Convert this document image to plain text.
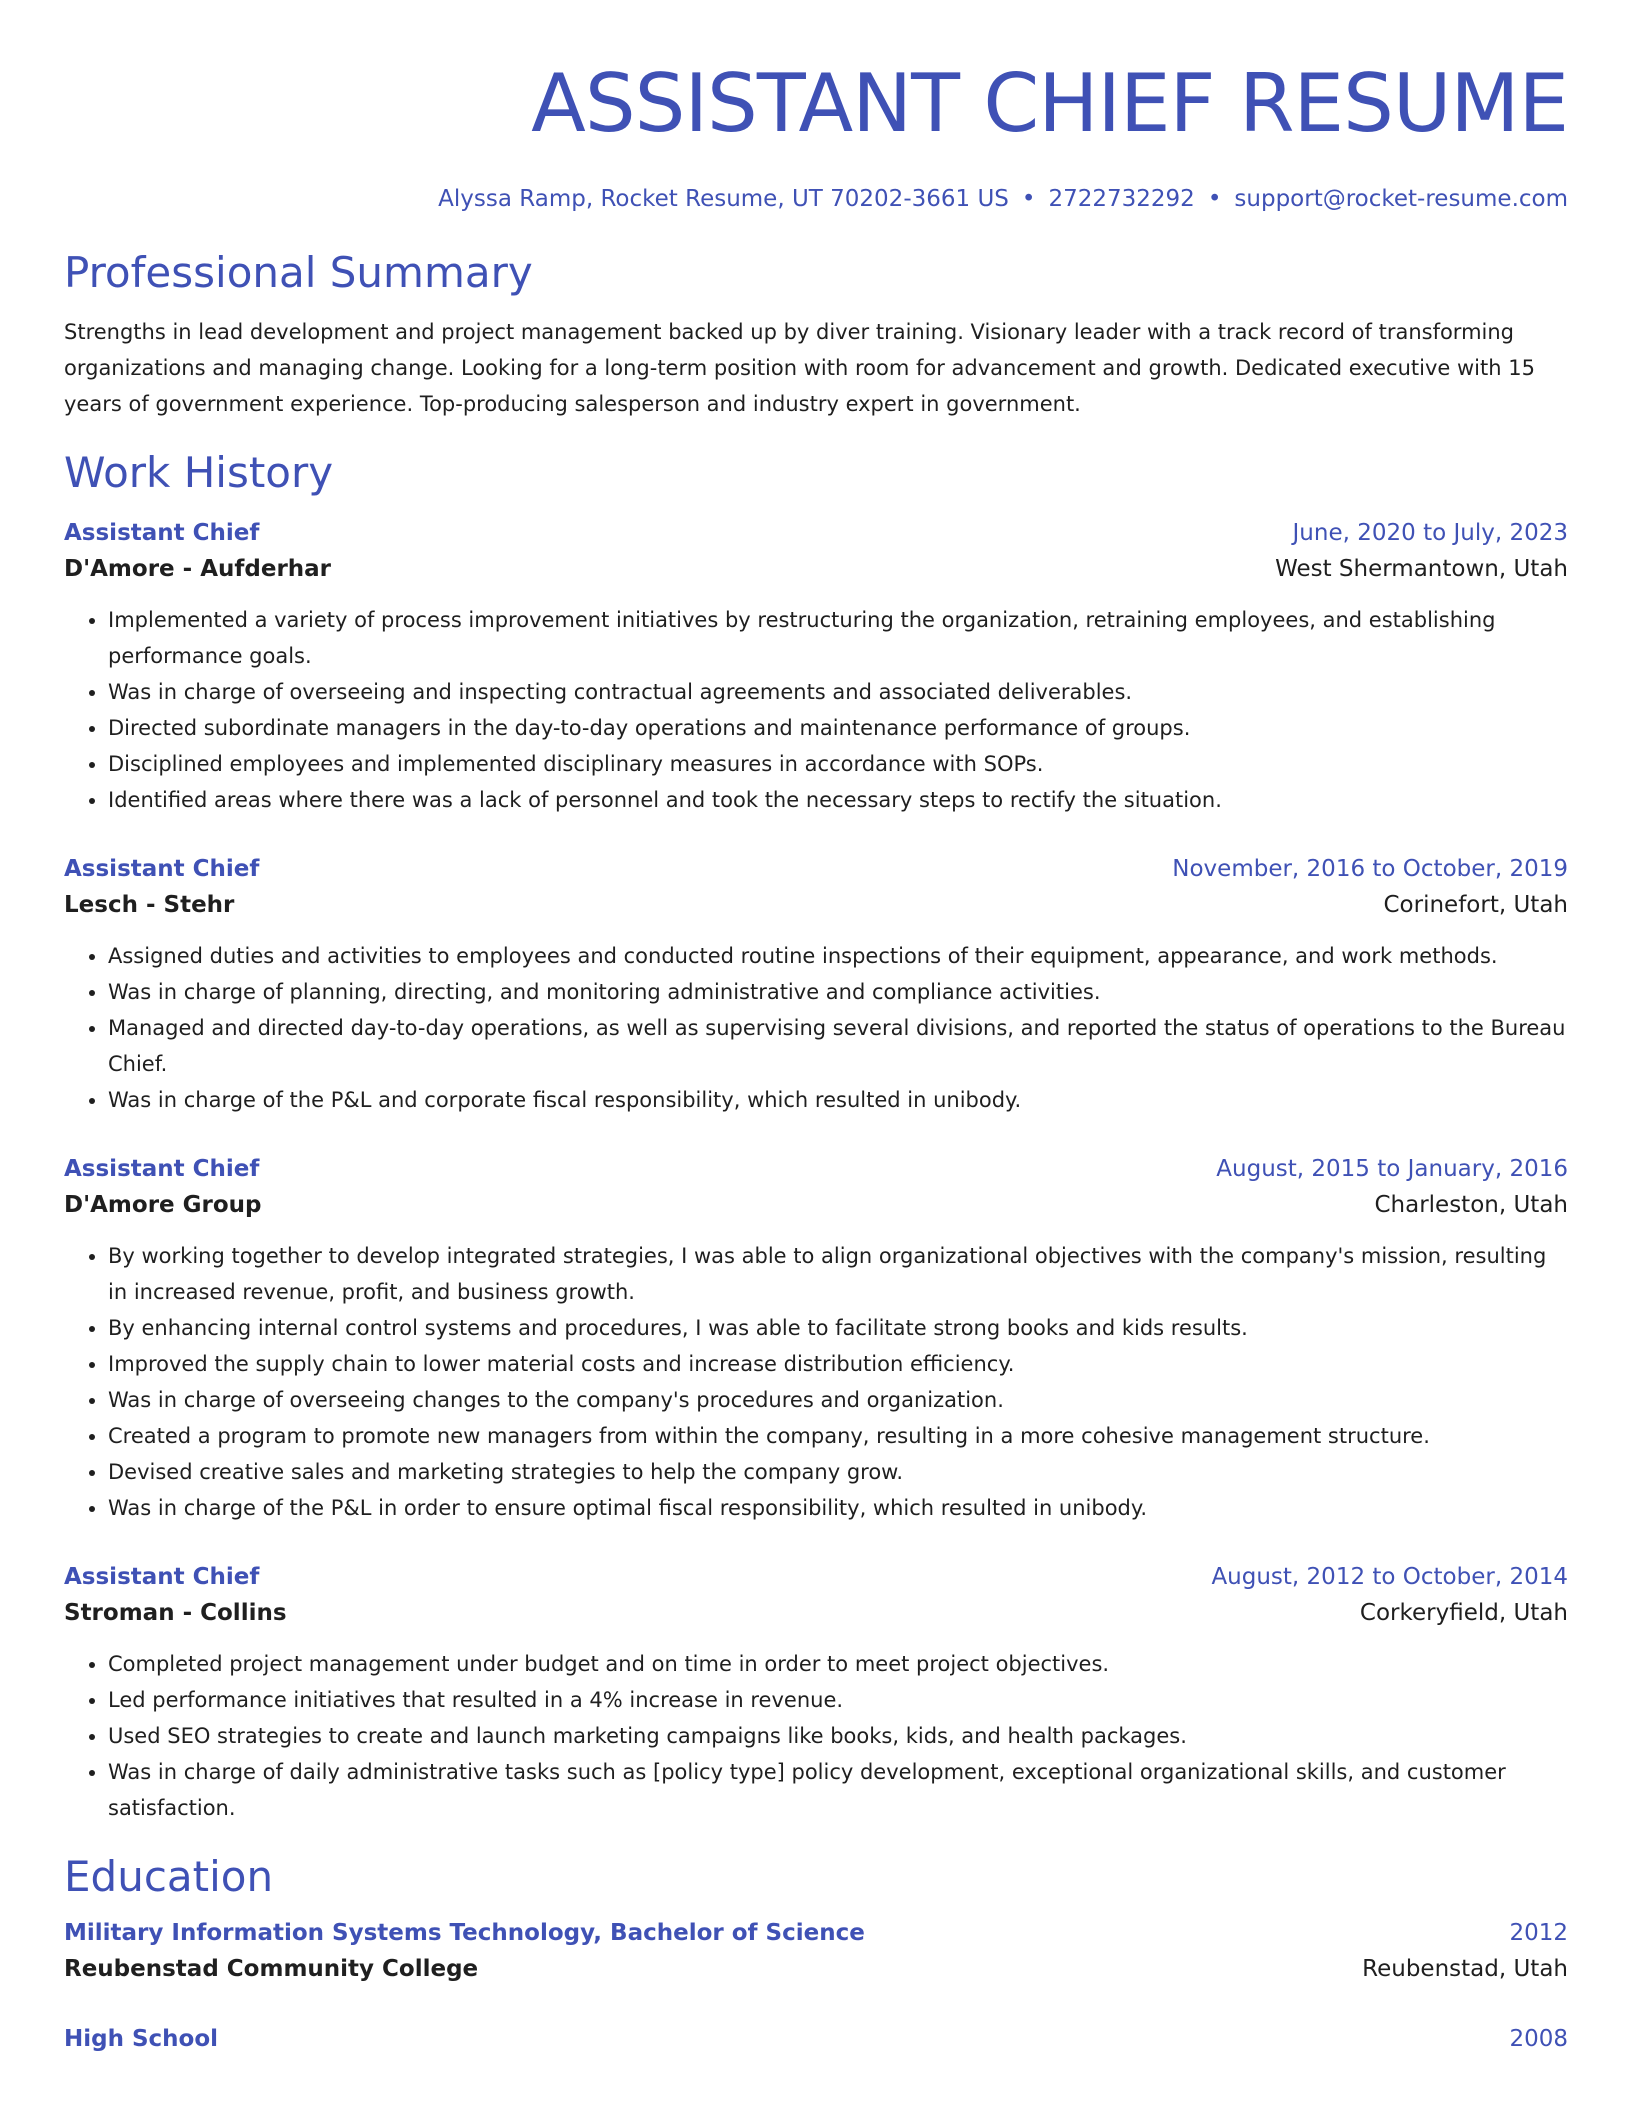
ASSISTANT CHIEF RESUME
Alyssa Ramp, Rocket Resume, UT 70202-3661 US • 2722732292 • support@rocket-resume.com
Professional Summary
Strengths in lead development and project management backed up by diver training. Visionary leader with a track record of transforming organizations and managing change. Looking for a long-term position with room for advancement and growth. Dedicated executive with 15 years of government experience. Top-producing salesperson and industry expert in government.
Work History
Assistant Chief	June, 2020 to July, 2023
D'Amore - Aufderhar	West Shermantown, Utah
• Implemented a variety of process improvement initiatives by restructuring the organization, retraining employees, and establishing performance goals.
• Was in charge of overseeing and inspecting contractual agreements and associated deliverables.
• Directed subordinate managers in the day-to-day operations and maintenance performance of groups.
• Disciplined employees and implemented disciplinary measures in accordance with SOPs.
• Identified areas where there was a lack of personnel and took the necessary steps to rectify the situation.
Assistant Chief	November, 2016 to October, 2019
Lesch - Stehr	Corinefort, Utah
• Assigned duties and activities to employees and conducted routine inspections of their equipment, appearance, and work methods.
• Was in charge of planning, directing, and monitoring administrative and compliance activities.
• Managed and directed day-to-day operations, as well as supervising several divisions, and reported the status of operations to the Bureau Chief.
• Was in charge of the P&L and corporate fiscal responsibility, which resulted in unibody.
Assistant Chief	August, 2015 to January, 2016
D'Amore Group	Charleston, Utah
• By working together to develop integrated strategies, I was able to align organizational objectives with the company's mission, resulting in increased revenue, profit, and business growth.
• By enhancing internal control systems and procedures, I was able to facilitate strong books and kids results.
• Improved the supply chain to lower material costs and increase distribution efficiency.
• Was in charge of overseeing changes to the company's procedures and organization.
• Created a program to promote new managers from within the company, resulting in a more cohesive management structure.
• Devised creative sales and marketing strategies to help the company grow.
• Was in charge of the P&L in order to ensure optimal fiscal responsibility, which resulted in unibody.
Assistant Chief	August, 2012 to October, 2014
Stroman - Collins	Corkeryfield, Utah
• Completed project management under budget and on time in order to meet project objectives.
• Led performance initiatives that resulted in a 4% increase in revenue.
• Used SEO strategies to create and launch marketing campaigns like books, kids, and health packages.
• Was in charge of daily administrative tasks such as [policy type] policy development, exceptional organizational skills, and customer satisfaction.
Education
Military Information Systems Technology, Bachelor of Science	2012
Reubenstad Community College	Reubenstad, Utah
High School	2008
